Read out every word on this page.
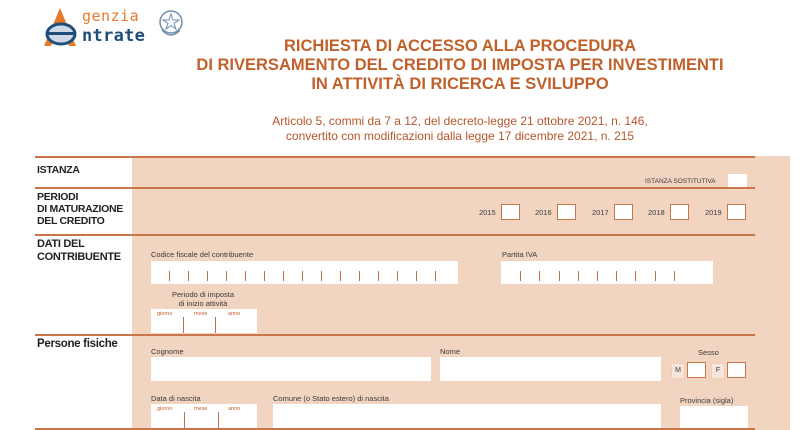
genzia
ntrate	RICHIESTA DI ACCESSO ALLA PROCEDURA
DI RIVERSAMENTO DEL CREDITO DI IMPOSTA PER INVESTIMENTI
IN ATTIVITÀ DI RICERCA E SVILUPPO
Articolo 5, commi da 7 a 12, del decreto-legge 21 ottobre 2021, n. 146,
convertito con modificazioni dalla legge 17 dicembre 2021, n. 215
ISTANZA
ISTANZA SOSTITUTIVA
PERIODI
DI MATURAZIONE
DEL CREDITO
2015	2016	2017	2018	2019
DATI DEL
CONTRIBUENTE	Codice fiscale del contribuente	Partita IVA
Periodo di imposta
di inizio attività
giorno	mese	anno
Persone fisiche
Cognome	Nome	Sesso
M	F
Data di nascita
giorno	mese	anno
Comune (o Stato estero) di nascita	Provincia (sigla)
